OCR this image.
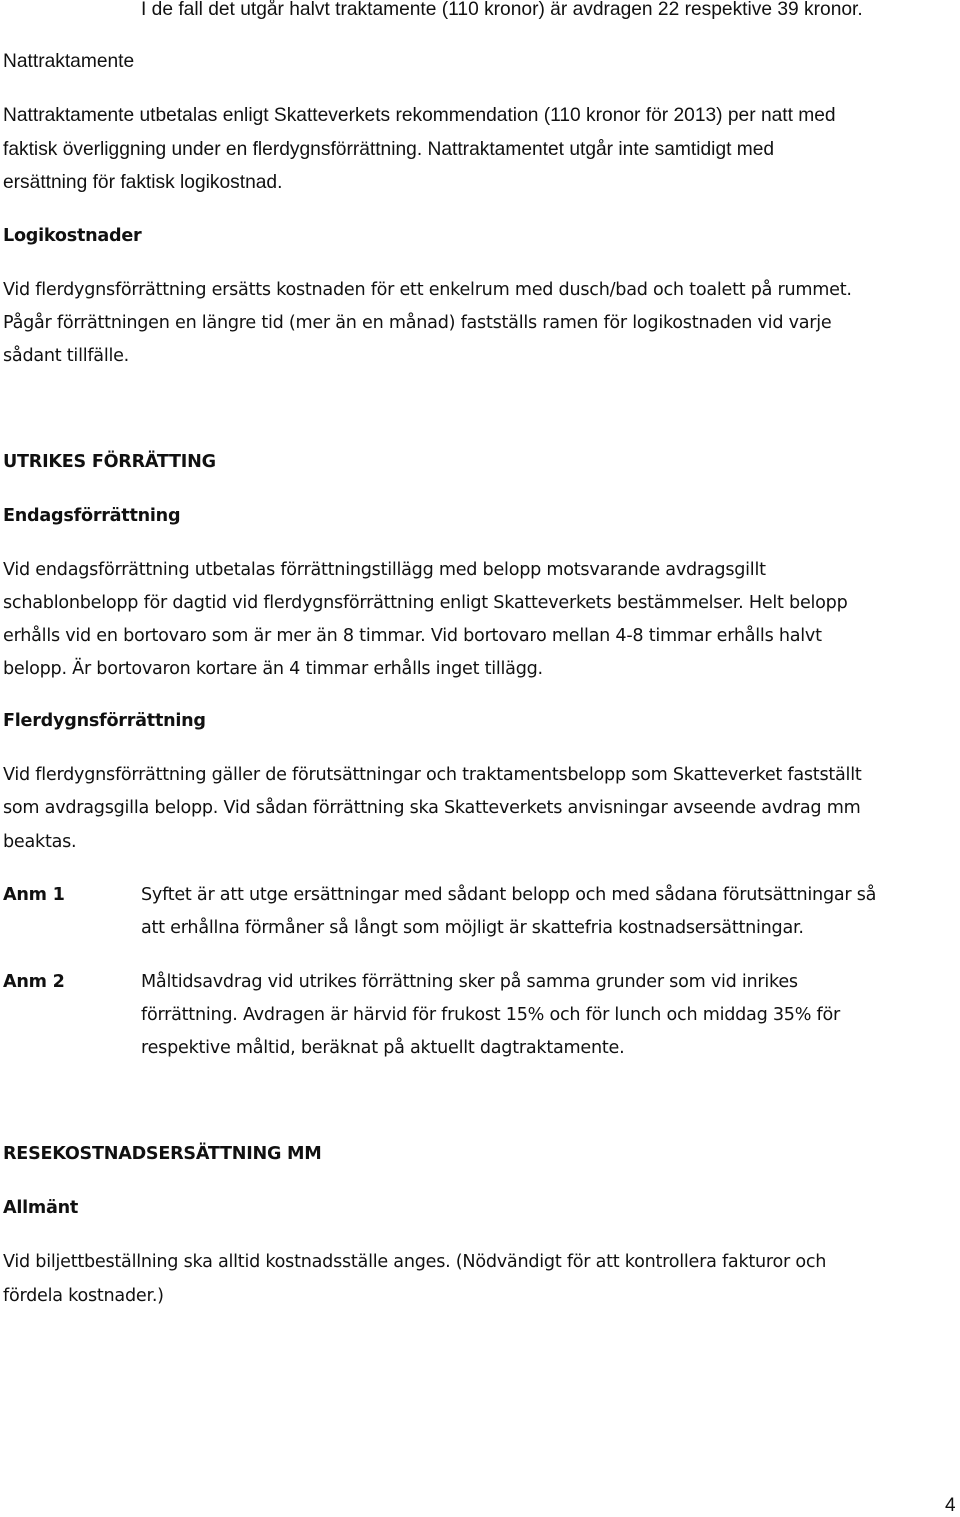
I de fall det utgår halvt traktamente (110 kronor) är avdragen 22 respektive 39 kronor.
Nattraktamente
Nattraktamente utbetalas enligt Skatteverkets rekommendation (110 kronor för 2013) per natt med
faktisk överliggning under en flerdygnsförrättning. Nattraktamentet utgår inte samtidigt med
ersättning för faktisk logikostnad.
Logikostnader
Vid flerdygnsförrättning ersätts kostnaden för ett enkelrum med dusch/bad och toalett på rummet.
Pågår förrättningen en längre tid (mer än en månad) fastställs ramen för logikostnaden vid varje
sådant tillfälle.
UTRIKES FÖRRÄTTING
Endagsförrättning
Vid endagsförrättning utbetalas förrättningstillägg med belopp motsvarande avdragsgillt
schablonbelopp för dagtid vid flerdygnsförrättning enligt Skatteverkets bestämmelser. Helt belopp
erhålls vid en bortovaro som är mer än 8 timmar. Vid bortovaro mellan 4-8 timmar erhålls halvt
belopp. Är bortovaron kortare än 4 timmar erhålls inget tillägg.
Flerdygnsförrättning
Vid flerdygnsförrättning gäller de förutsättningar och traktamentsbelopp som Skatteverket fastställt
som avdragsgilla belopp. Vid sådan förrättning ska Skatteverkets anvisningar avseende avdrag mm
beaktas.
Anm 1	Syftet är att utge ersättningar med sådant belopp och med sådana förutsättningar så
att erhållna förmåner så långt som möjligt är skattefria kostnadsersättningar.
Anm 2	Måltidsavdrag vid utrikes förrättning sker på samma grunder som vid inrikes
förrättning. Avdragen är härvid för frukost 15% och för lunch och middag 35% för
respektive måltid, beräknat på aktuellt dagtraktamente.
RESEKOSTNADSERSÄTTNING MM
Allmänt
Vid biljettbeställning ska alltid kostnadsställe anges. (Nödvändigt för att kontrollera fakturor och
fördela kostnader.)
4
